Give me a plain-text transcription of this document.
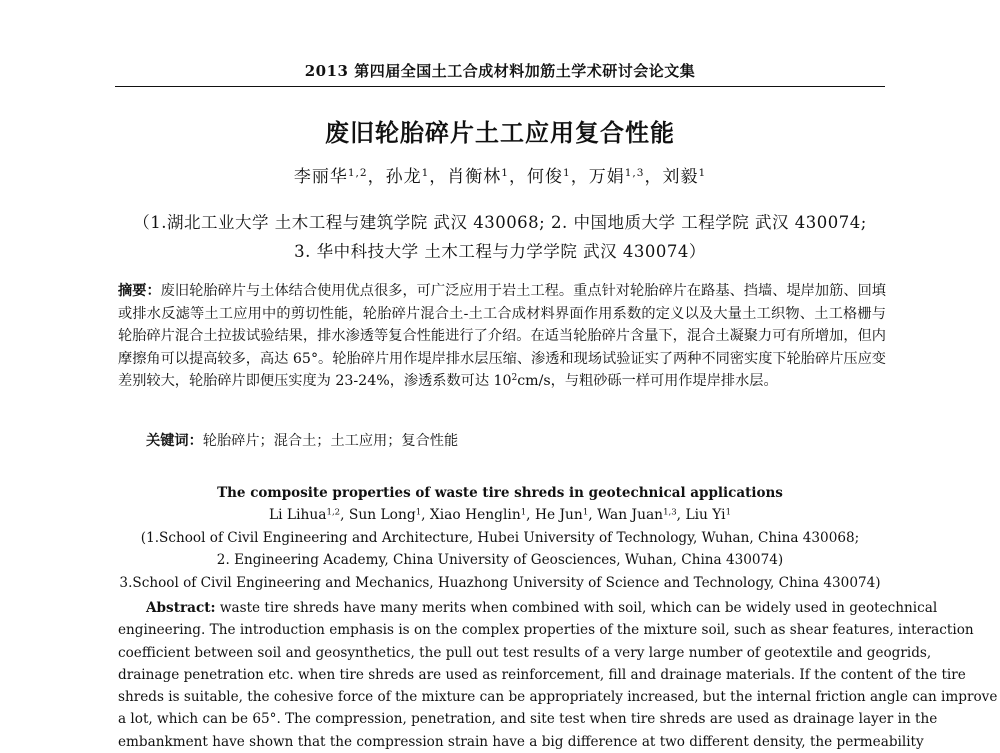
2013 第四届全国土工合成材料加筋土学术研讨会论文集
废旧轮胎碎片土工应用复合性能
李丽华$^{1,2}$，孙龙$^1$，肖衡林$^1$，何俊$^1$，万娟$^{1,3}$，刘毅$^1$
（1.湖北工业大学 土木工程与建筑学院 武汉 430068; 2. 中国地质大学 工程学院 武汉 430074;
3. 华中科技大学 土木工程与力学学院 武汉 430074）

摘要：废旧轮胎碎片与土体结合使用优点很多，可广泛应用于岩土工程。重点针对轮胎碎片在路基、挡墙、堤岸加筋、回填或排水反滤等土工应用中的剪切性能，轮胎碎片混合土-土工合成材料界面作用系数的定义以及大量土工织物、土工格栅与轮胎碎片混合土拉拔试验结果，排水渗透等复合性能进行了介绍。在适当轮胎碎片含量下，混合土凝聚力可有所增加，但内摩擦角可以提高较多，高达 65°。轮胎碎片用作堤岸排水层压缩、渗透和现场试验证实了两种不同密实度下轮胎碎片压应变差别较大，轮胎碎片即便压实度为 23-24%，渗透系数可达 $10^2cm/s$，与粗砂砾一样可用作堤岸排水层。

关键词：轮胎碎片；混合土；土工应用；复合性能

The composite properties of waste tire shreds in geotechnical applications
Li Lihua$^{1,2}$, Sun Long$^1$, Xiao Henglin$^1$, He Jun$^1$, Wan Juan$^{1,3}$, Liu Yi$^1$
(1.School of Civil Engineering and Architecture, Hubei University of Technology, Wuhan, China 430068;
2. Engineering Academy, China University of Geosciences, Wuhan, China 430074)
3.School of Civil Engineering and Mechanics, Huazhong University of Science and Technology, China 430074)
Abstract: waste tire shreds have many merits when combined with soil, which can be widely used in geotechnical
engineering. The introduction emphasis is on the complex properties of the mixture soil, such as shear features, interaction
coefficient between soil and geosynthetics, the pull out test results of a very large number of geotextile and geogrids,
drainage penetration etc. when tire shreds are used as reinforcement, fill and drainage materials. If the content of the tire
shreds is suitable, the cohesive force of the mixture can be appropriately increased, but the internal friction angle can improve
a lot, which can be 65°. The compression, penetration, and site test when tire shreds are used as drainage layer in the
embankment have shown that the compression strain have a big difference at two different density, the permeability
